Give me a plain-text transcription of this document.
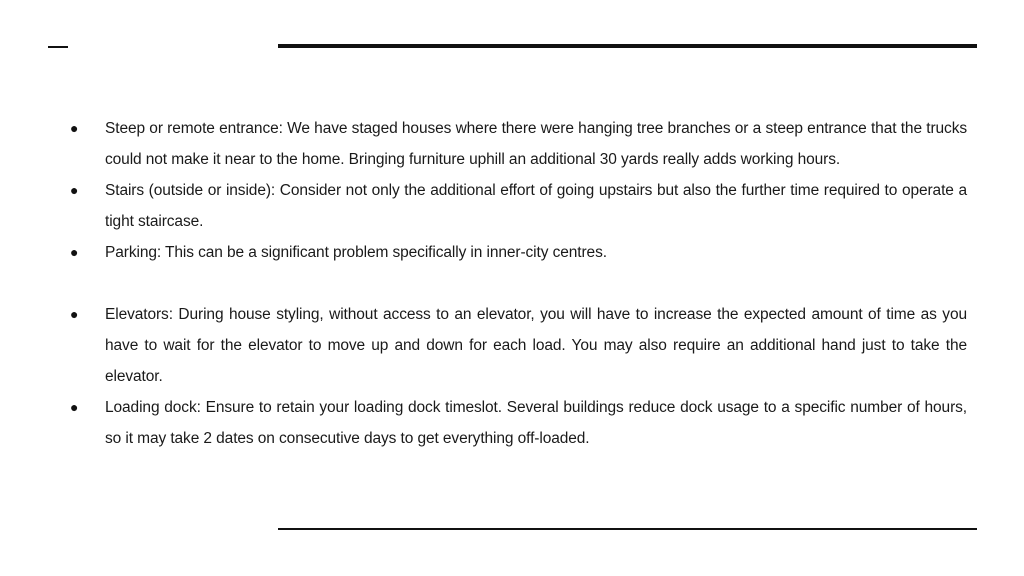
● Steep or remote entrance: We have staged houses where there were hanging tree branches or a steep entrance that the trucks could not make it near to the home. Bringing furniture uphill an additional 30 yards really adds working hours.
● Stairs (outside or inside): Consider not only the additional effort of going upstairs but also the further time required to operate a tight staircase.
● Parking: This can be a significant problem specifically in inner-city centres.
● Elevators: During house styling, without access to an elevator, you will have to increase the expected amount of time as you have to wait for the elevator to move up and down for each load. You may also require an additional hand just to take the elevator.
● Loading dock: Ensure to retain your loading dock timeslot. Several buildings reduce dock usage to a specific number of hours, so it may take 2 dates on consecutive days to get everything off-loaded.
